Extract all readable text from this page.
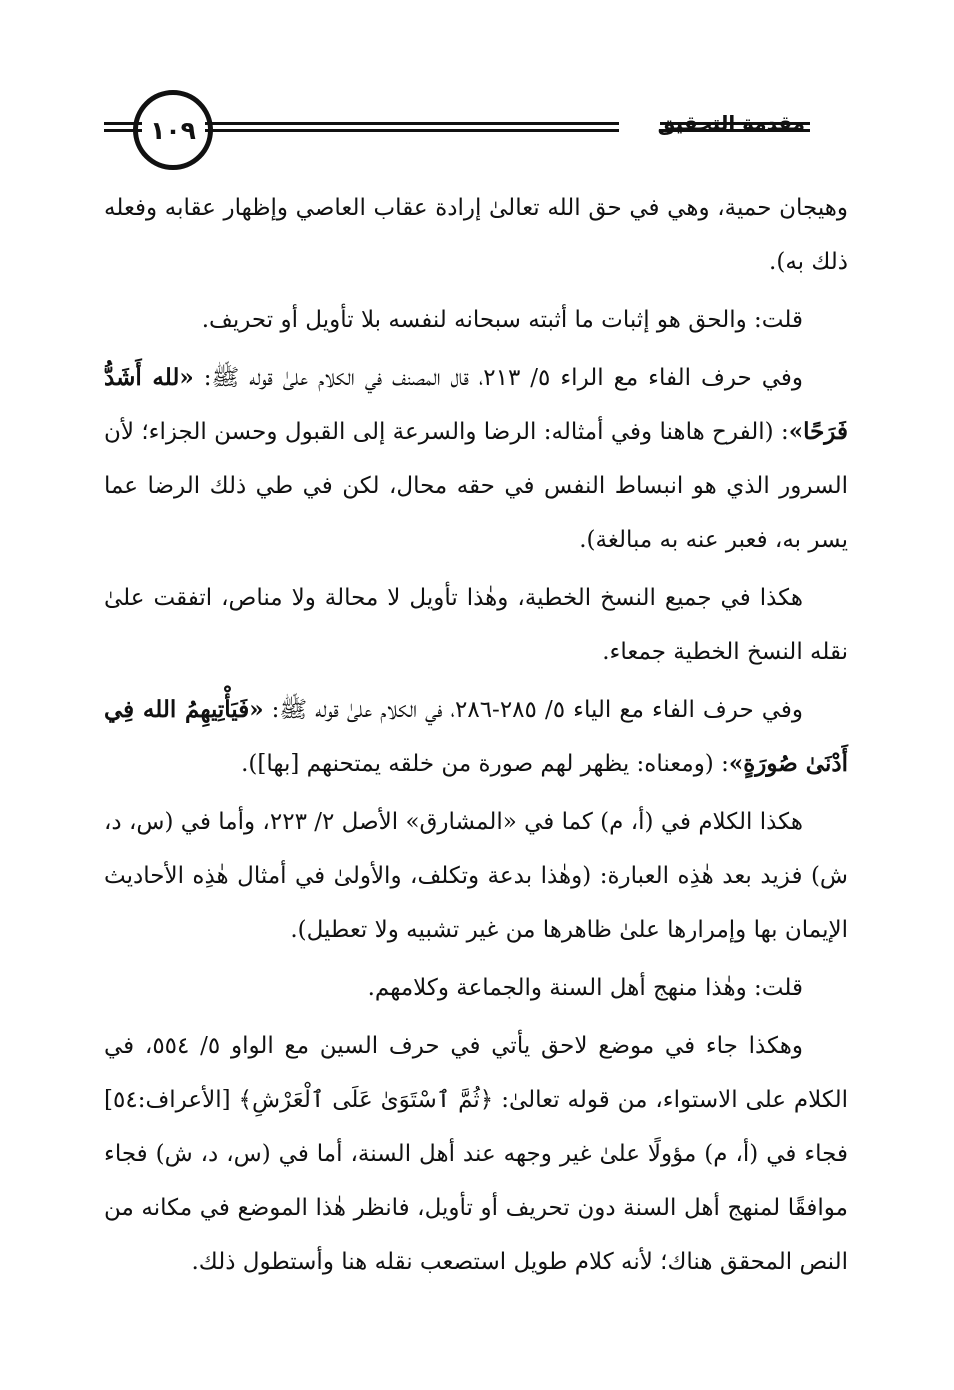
مقدمة التحقيق
١٠٩

وهيجان حمية، وهي في حق الله تعالىٰ إرادة عقاب العاصي وإظهار عقابه وفعله ذلك به).

قلت: والحق هو إثبات ما أثبته سبحانه لنفسه بلا تأويل أو تحريف.

وفي حرف الفاء مع الراء ٥/ ٢١٣، قال المصنف في الكلام علىٰ قوله ﷺ: «لله أَشَدُّ فَرَحًا»: (الفرح هاهنا وفي أمثاله: الرضا والسرعة إلى القبول وحسن الجزاء؛ لأن السرور الذي هو انبساط النفس في حقه محال، لكن في طي ذلك الرضا عما يسر به، فعبر عنه به مبالغة).

هكذا في جميع النسخ الخطية، وهٰذا تأويل لا محالة ولا مناص، اتفقت علىٰ نقله النسخ الخطية جمعاء.

وفي حرف الفاء مع الياء ٥/ ٢٨٥-٢٨٦، في الكلام علىٰ قوله ﷺ: «فَيَأْتِيهِمُ الله فِي أَدْنَىٰ صُورَةٍ»: (ومعناه: يظهر لهم صورة من خلقه يمتحنهم [بها]).

هكذا الكلام في (أ، م) كما في «المشارق» الأصل ٢/ ٢٢٣، وأما في (س، د، ش) فزيد بعد هٰذِه العبارة: (وهٰذا بدعة وتكلف، والأولىٰ في أمثال هٰذِه الأحاديث الإيمان بها وإمرارها علىٰ ظاهرها من غير تشبيه ولا تعطيل).

قلت: وهٰذا منهج أهل السنة والجماعة وكلامهم.

وهكذا جاء في موضع لاحق يأتي في حرف السين مع الواو ٥/ ٥٥٤، في الكلام على الاستواء، من قوله تعالىٰ: ﴿ثُمَّ ٱسْتَوَىٰ عَلَى ٱلْعَرْشِ﴾ [الأعراف:٥٤] فجاء في (أ، م) مؤولًا علىٰ غير وجهه عند أهل السنة، أما في (س، د، ش) فجاء موافقًا لمنهج أهل السنة دون تحريف أو تأويل، فانظر هٰذا الموضع في مكانه من النص المحقق هناك؛ لأنه كلام طويل استصعب نقله هنا وأستطول ذلك.
